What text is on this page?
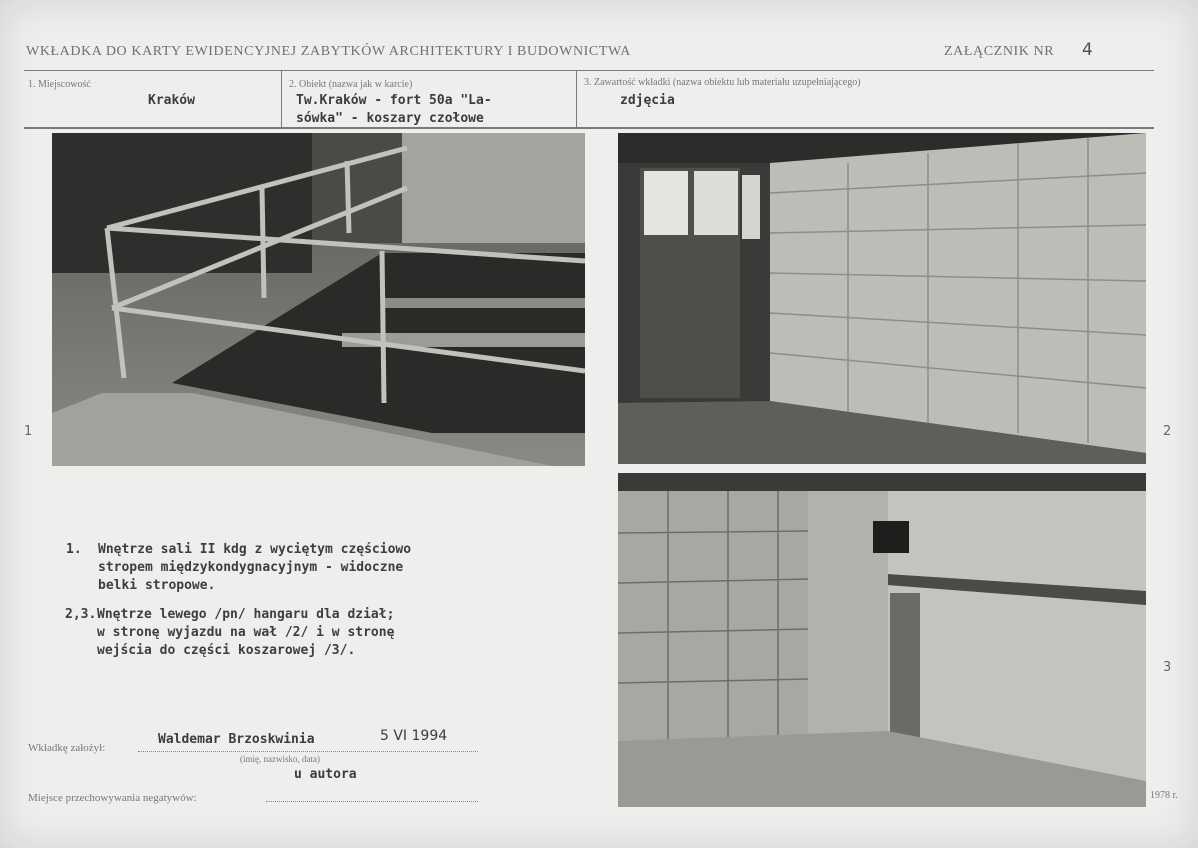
WKŁADKA DO KARTY EWIDENCYJNEJ ZABYTKÓW ARCHITEKTURY I BUDOWNICTWA	ZAŁĄCZNIK NR 4
1. Miejscowość	2. Obiekt (nazwa jak w karcie)	3. Zawartość wkładki (nazwa obiektu lub materiału uzupełniającego)
Kraków	Tw.Kraków - fort 50a "La-
sówka" - koszary czołowe
zdjęcia
1	2
3
1.	Wnętrze sali II kdg z wyciętym częściowo
stropem międzykondygnacyjnym - widoczne
belki stropowe.
2,3. Wnętrze lewego /pn/ hangaru dla dział;
w stronę wyjazdu na wał /2/ i w stronę
wejścia do części koszarowej /3/.
Wkładkę założył:
Waldemar Brzoskwinia	5 VI 1994
(imię, nazwisko, data)
u autora
Miejsce przechowywania negatywów:	1978 r.
